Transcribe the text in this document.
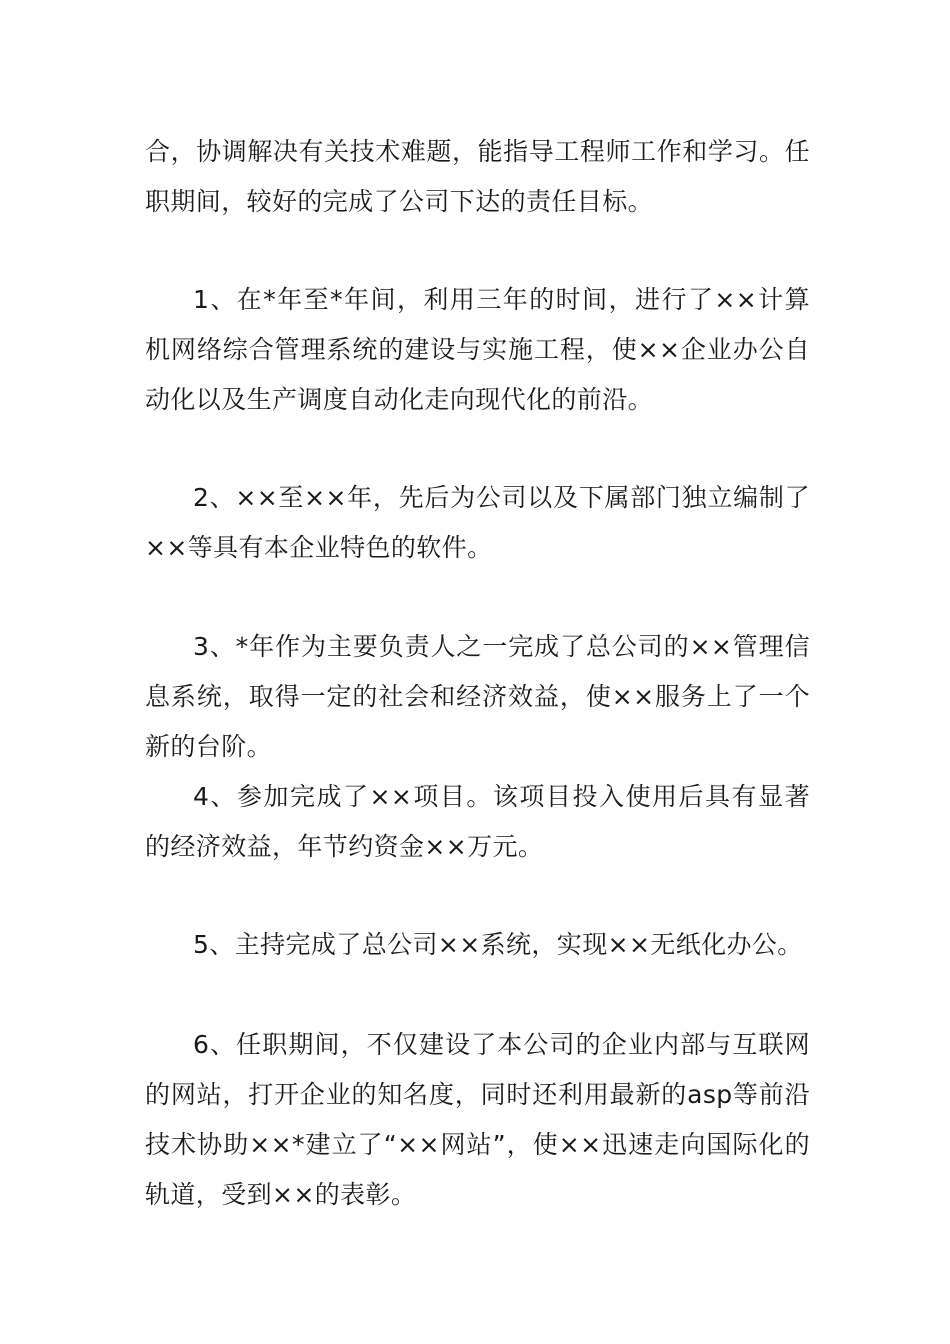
合，协调解决有关技术难题，能指导工程师工作和学习。任职期间，较好的完成了公司下达的责任目标。

1、在*年至*年间，利用三年的时间，进行了××计算机网络综合管理系统的建设与实施工程，使××企业办公自动化以及生产调度自动化走向现代化的前沿。

2、××至××年，先后为公司以及下属部门独立编制了××等具有本企业特色的软件。

3、*年作为主要负责人之一完成了总公司的××管理信息系统，取得一定的社会和经济效益，使××服务上了一个新的台阶。

4、参加完成了××项目。该项目投入使用后具有显著的经济效益，年节约资金××万元。

5、主持完成了总公司××系统，实现××无纸化办公。

6、任职期间，不仅建设了本公司的企业内部与互联网的网站，打开企业的知名度，同时还利用最新的asp等前沿技术协助××*建立了“××网站”，使××迅速走向国际化的轨道，受到××的表彰。
